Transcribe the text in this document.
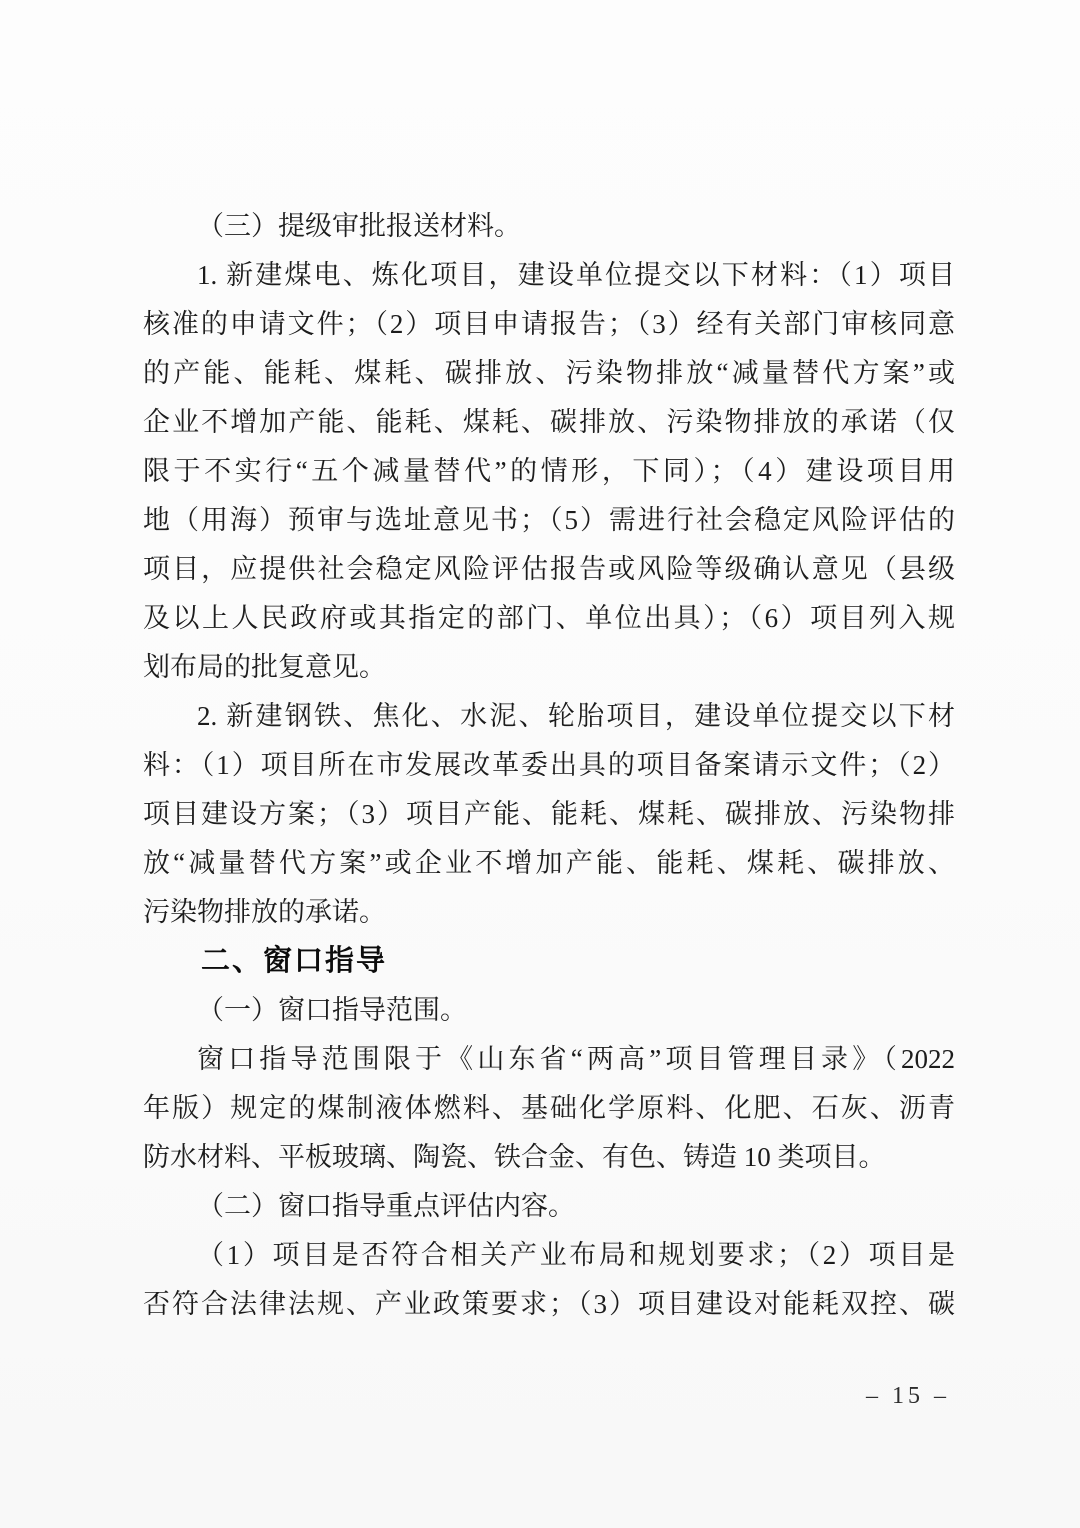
（三）提级审批报送材料。
1. 新建煤电、炼化项目，建设单位提交以下材料：（1）项目
核准的申请文件；（2）项目申请报告；（3）经有关部门审核同意
的产能、能耗、煤耗、碳排放、污染物排放“减量替代方案”或
企业不增加产能、能耗、煤耗、碳排放、污染物排放的承诺（仅
限于不实行“五个减量替代”的情形，下同）；（4）建设项目用
地（用海）预审与选址意见书；（5）需进行社会稳定风险评估的
项目，应提供社会稳定风险评估报告或风险等级确认意见（县级
及以上人民政府或其指定的部门、单位出具）；（6）项目列入规
划布局的批复意见。
2. 新建钢铁、焦化、水泥、轮胎项目，建设单位提交以下材
料：（1）项目所在市发展改革委出具的项目备案请示文件；（2）
项目建设方案；（3）项目产能、能耗、煤耗、碳排放、污染物排
放“减量替代方案”或企业不增加产能、能耗、煤耗、碳排放、
污染物排放的承诺。
二、窗口指导
（一）窗口指导范围。
窗口指导范围限于《山东省“两高”项目管理目录》（2022
年版）规定的煤制液体燃料、基础化学原料、化肥、石灰、沥青
防水材料、平板玻璃、陶瓷、铁合金、有色、铸造 10 类项目。
（二）窗口指导重点评估内容。
（1）项目是否符合相关产业布局和规划要求；（2）项目是
否符合法律法规、产业政策要求；（3）项目建设对能耗双控、碳
– 15 –
